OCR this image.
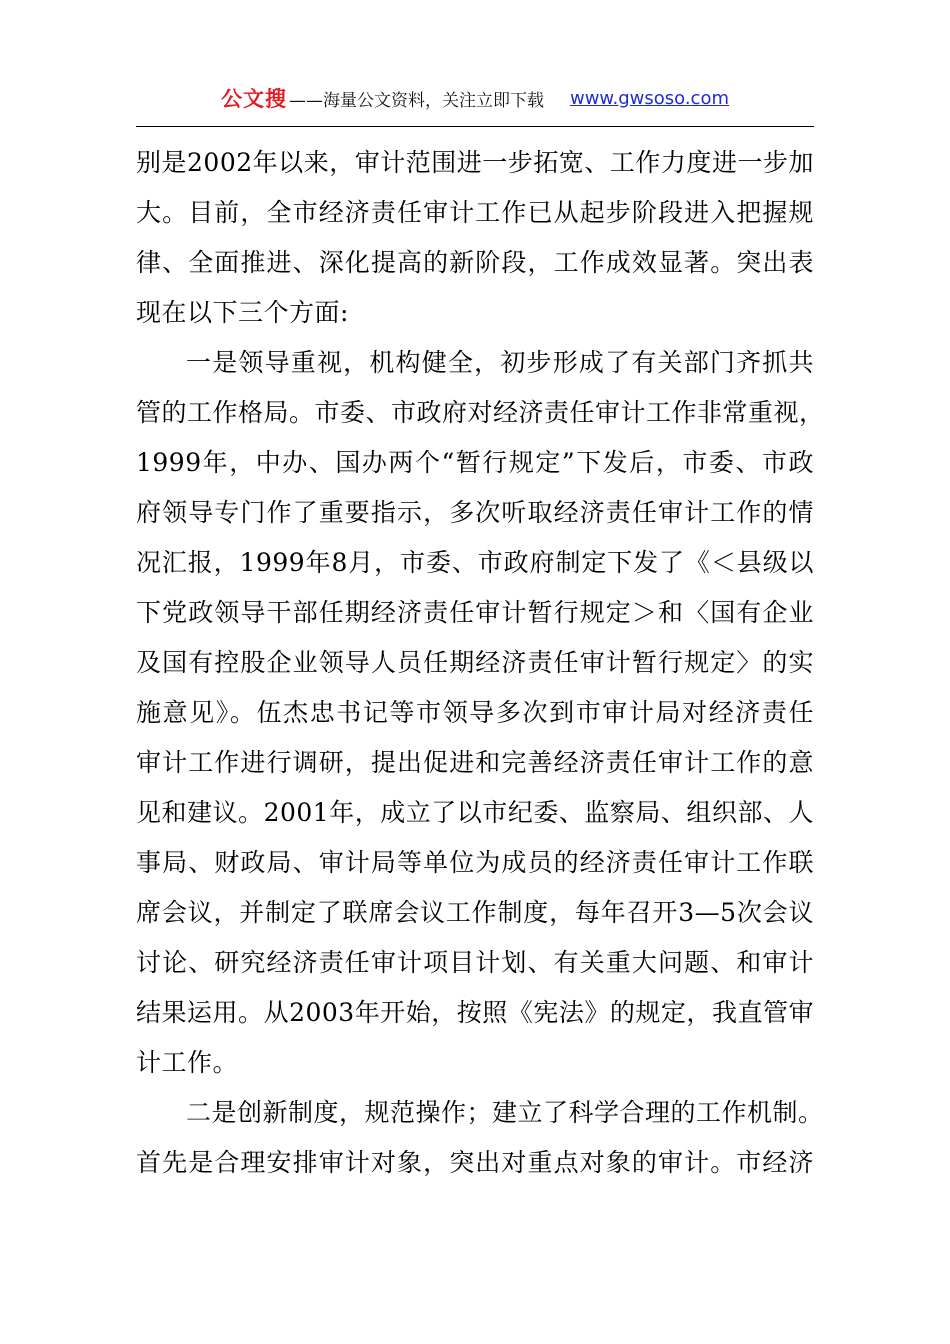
公文搜 ——海量公文资料，关注立即下载 www.gwsoso.com
别是2002年以来，审计范围进一步拓宽、工作力度进一步加
大。目前，全市经济责任审计工作已从起步阶段进入把握规
律、全面推进、深化提高的新阶段，工作成效显著。突出表
现在以下三个方面:
一是领导重视，机构健全，初步形成了有关部门齐抓共
管的工作格局。市委、市政府对经济责任审计工作非常重视，
1999年，中办、国办两个“暂行规定”下发后，市委、市政
府领导专门作了重要指示，多次听取经济责任审计工作的情
况汇报，1999年8月，市委、市政府制定下发了《＜县级以
下党政领导干部任期经济责任审计暂行规定＞和〈国有企业
及国有控股企业领导人员任期经济责任审计暂行规定〉的实
施意见》。伍杰忠书记等市领导多次到市审计局对经济责任
审计工作进行调研，提出促进和完善经济责任审计工作的意
见和建议。2001年，成立了以市纪委、监察局、组织部、人
事局、财政局、审计局等单位为成员的经济责任审计工作联
席会议，并制定了联席会议工作制度，每年召开3—5次会议
讨论、研究经济责任审计项目计划、有关重大问题、和审计
结果运用。从2003年开始，按照《宪法》的规定，我直管审
计工作。
二是创新制度，规范操作；建立了科学合理的工作机制。
首先是合理安排审计对象，突出对重点对象的审计。市经济
